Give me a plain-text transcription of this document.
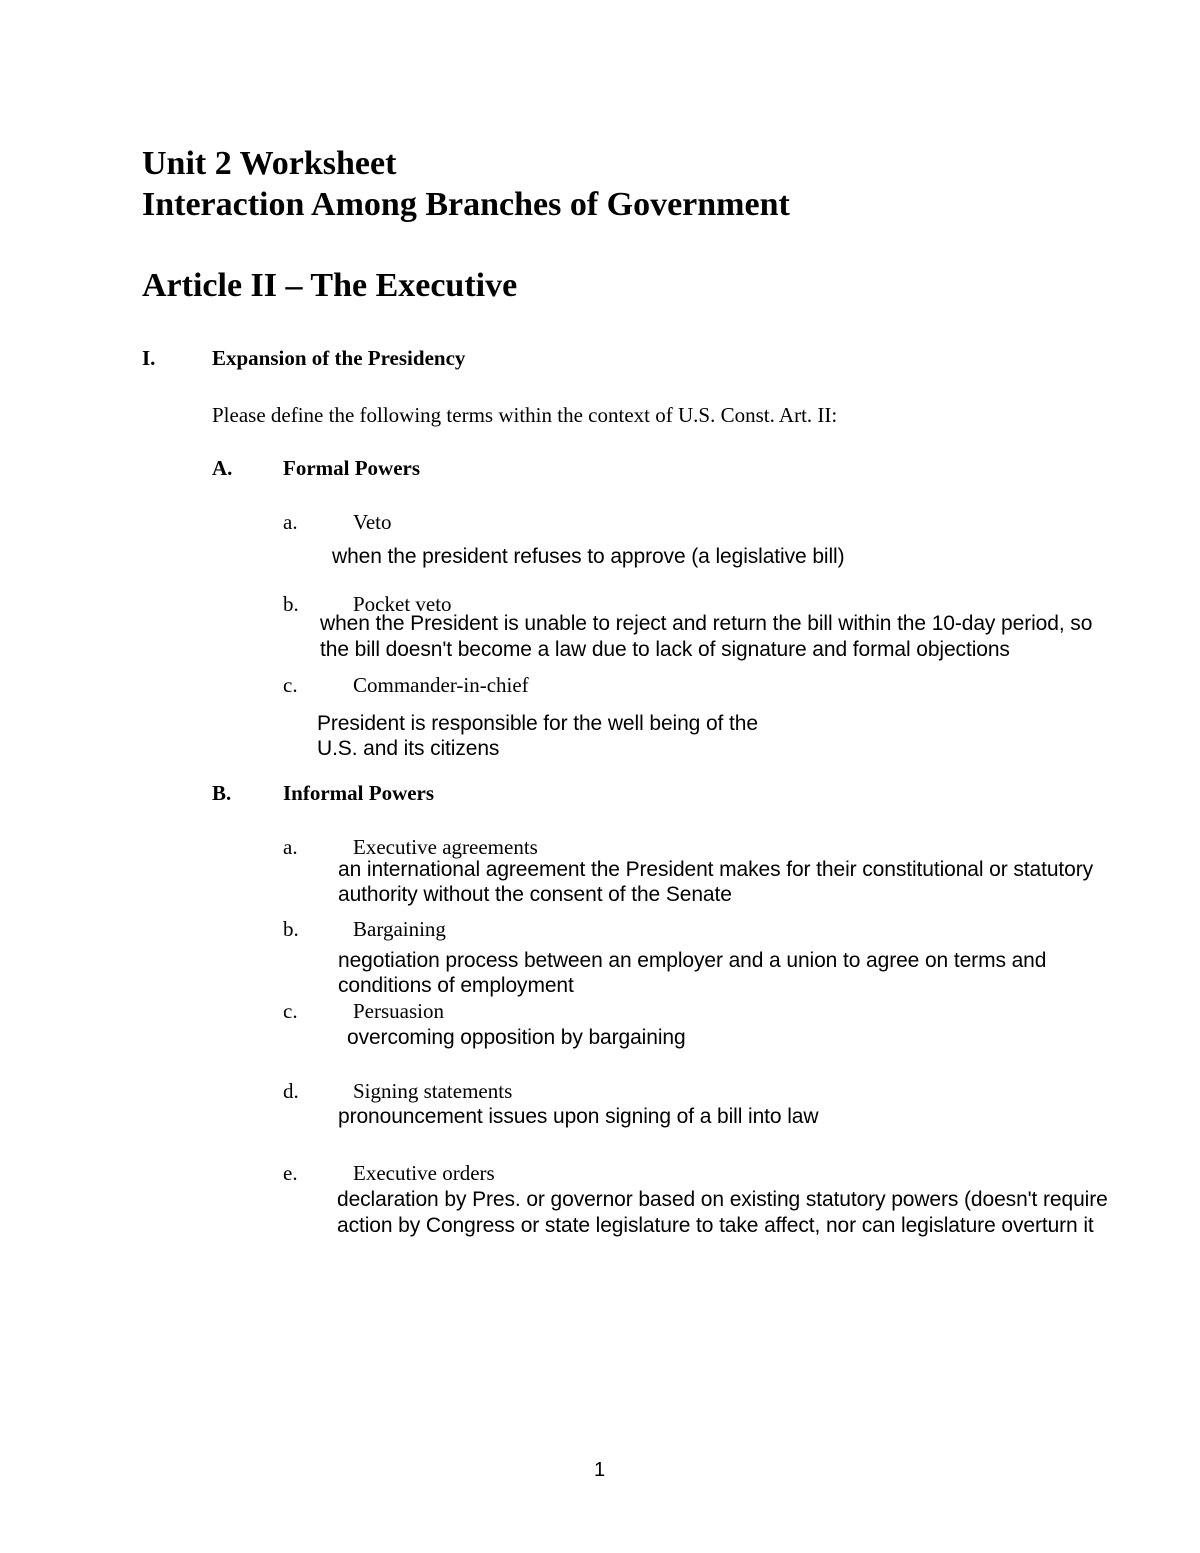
Unit 2 Worksheet
Interaction Among Branches of Government
Article II – The Executive
I.	Expansion of the Presidency
Please define the following terms within the context of U.S. Const. Art. II:
A. Formal Powers
a.	Veto
when the president refuses to approve (a legislative bill)
b.	Pocket veto
when the President is unable to reject and return the bill within the 10-day period, so
the bill doesn't become a law due to lack of signature and formal objections
c.	Commander-in-chief
President is responsible for the well being of the
U.S. and its citizens
B. Informal Powers
a.	Executive agreements
an international agreement the President makes for their constitutional or statutory
authority without the consent of the Senate
b.	Bargaining
negotiation process between an employer and a union to agree on terms and
conditions of employment
c.	Persuasion
overcoming opposition by bargaining
d.	Signing statements
pronouncement issues upon signing of a bill into law
e.	Executive orders
declaration by Pres. or governor based on existing statutory powers (doesn't require
action by Congress or state legislature to take affect, nor can legislature overturn it
1
